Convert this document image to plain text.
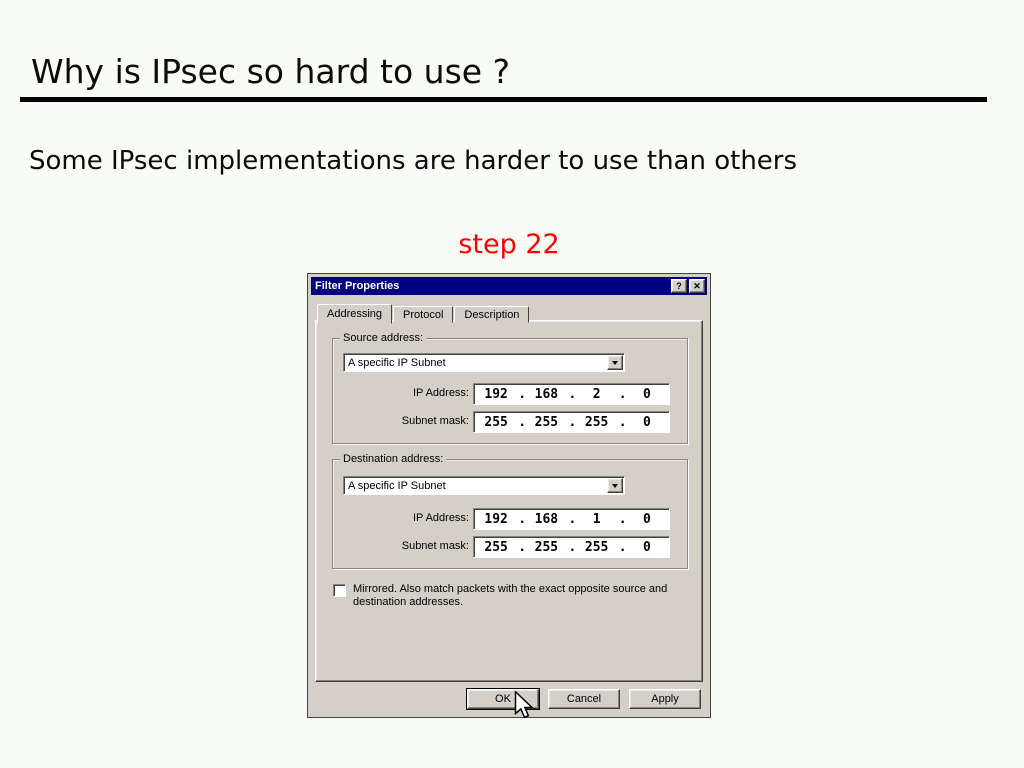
Why is IPsec so hard to use ?
Some IPsec implementations are harder to use than others
step 22
Filter Properties	? ✕
Addressing	Protocol	Description
Source address:
A specific IP Subnet
IP Address:	192 . 168 .	2	.	0
Subnet mask:	255 . 255 . 255 .	0
Destination address:
A specific IP Subnet
IP Address:	192 . 168 .	1	.	0
Subnet mask:	255 . 255 . 255 .	0
Mirrored. Also match packets with the exact opposite source and destination addresses.
OK	Cancel	Apply
